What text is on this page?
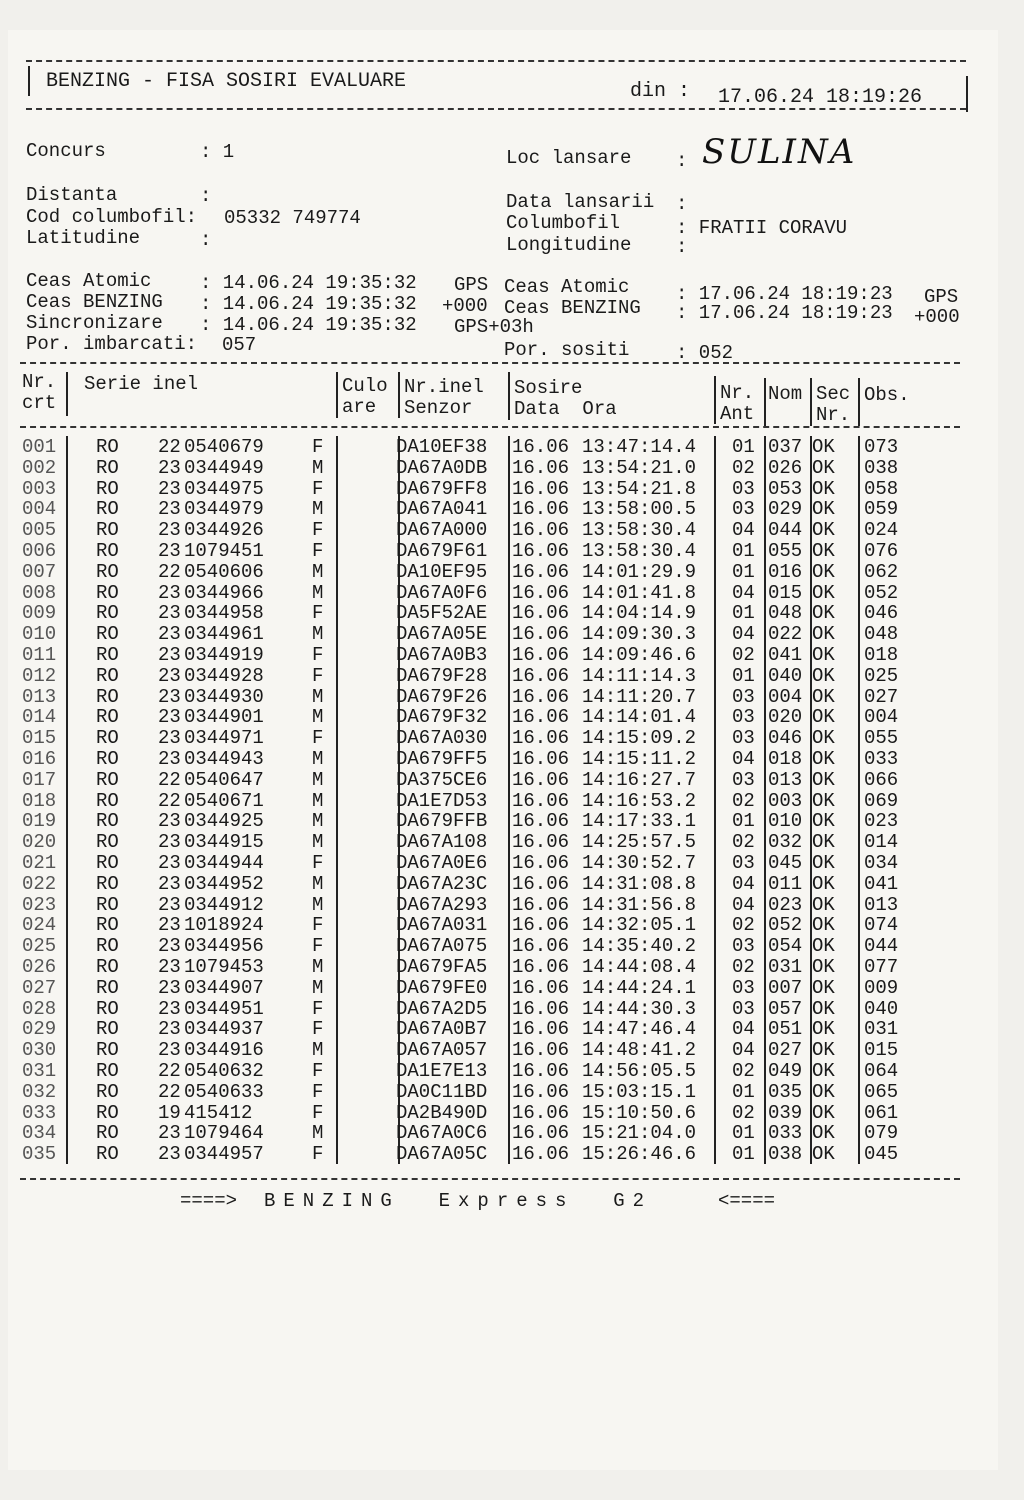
BENZING - FISA SOSIRI EVALUARE	din : 17.06.24 18:19:26
Concurs	: 1	Loc lansare : SULINA
Distanta	:
Cod columbofil: 05332 749774
Latitudine	:
Data lansarii :
Columbofil	: FRATII CORAVU
Longitudine :
Ceas Atomic	: 14.06.24 19:35:32 GPS
Ceas BENZING : 14.06.24 19:35:32 +000
Sincronizare : 14.06.24 19:35:32 GPS+03h
Ceas Atomic : 17.06.24 18:19:23 GPS
Ceas BENZING : 17.06.24 18:19:23 +000
Por. imbarcati: 057	Por. sositi : 052
Nr.
crt
Serie inel	Culo
are
Nr.inel
Senzor
Sosire
Data  Ora
Nr.
Ant
Nom Sec
Nr.
Obs.
001 RO 22 0540679	F	DA10EF38 16.06 13:47:14.4 01 037 OK 073
002 RO 23 0344949	M	DA67A0DB 16.06 13:54:21.0 02 026 OK 038
003 RO 23 0344975	F	DA679FF8 16.06 13:54:21.8 03 053 OK 058
004 RO 23 0344979	M	DA67A041 16.06 13:58:00.5 03 029 OK 059
005 RO 23 0344926	F	DA67A000 16.06 13:58:30.4 04 044 OK 024
006 RO 23 1079451	F	DA679F61 16.06 13:58:30.4 01 055 OK 076
007 RO 22 0540606	M	DA10EF95 16.06 14:01:29.9 01 016 OK 062
008 RO 23 0344966	M	DA67A0F6 16.06 14:01:41.8 04 015 OK 052
009 RO 23 0344958	F	DA5F52AE 16.06 14:04:14.9 01 048 OK 046
010 RO 23 0344961	M	DA67A05E 16.06 14:09:30.3 04 022 OK 048
011 RO 23 0344919	F	DA67A0B3 16.06 14:09:46.6 02 041 OK 018
012 RO 23 0344928	F	DA679F28 16.06 14:11:14.3 01 040 OK 025
013 RO 23 0344930	M	DA679F26 16.06 14:11:20.7 03 004 OK 027
014 RO 23 0344901	M	DA679F32 16.06 14:14:01.4 03 020 OK 004
015 RO 23 0344971	F	DA67A030 16.06 14:15:09.2 03 046 OK 055
016 RO 23 0344943	M	DA679FF5 16.06 14:15:11.2 04 018 OK 033
017 RO 22 0540647	M	DA375CE6 16.06 14:16:27.7 03 013 OK 066
018 RO 22 0540671	M	DA1E7D53 16.06 14:16:53.2 02 003 OK 069
019 RO 23 0344925	M	DA679FFB 16.06 14:17:33.1 01 010 OK 023
020 RO 23 0344915	M	DA67A108 16.06 14:25:57.5 02 032 OK 014
021 RO 23 0344944	F	DA67A0E6 16.06 14:30:52.7 03 045 OK 034
022 RO 23 0344952	M	DA67A23C 16.06 14:31:08.8 04 011 OK 041
023 RO 23 0344912	M	DA67A293 16.06 14:31:56.8 04 023 OK 013
024 RO 23 1018924	F	DA67A031 16.06 14:32:05.1 02 052 OK 074
025 RO 23 0344956	F	DA67A075 16.06 14:35:40.2 03 054 OK 044
026 RO 23 1079453	M	DA679FA5 16.06 14:44:08.4 02 031 OK 077
027 RO 23 0344907	M	DA679FE0 16.06 14:44:24.1 03 007 OK 009
028 RO 23 0344951	F	DA67A2D5 16.06 14:44:30.3 03 057 OK 040
029 RO 23 0344937	F	DA67A0B7 16.06 14:47:46.4 04 051 OK 031
030 RO 23 0344916	M	DA67A057 16.06 14:48:41.2 04 027 OK 015
031 RO 22 0540632	F	DA1E7E13 16.06 14:56:05.5 02 049 OK 064
032 RO 22 0540633	F	DA0C11BD 16.06 15:03:15.1 01 035 OK 065
033 RO 19 415412	F	DA2B490D 16.06 15:10:50.6 02 039 OK 061
034 RO 23 1079464	M	DA67A0C6 16.06 15:21:04.0 01 033 OK 079
035 RO 23 0344957	F	DA67A05C 16.06 15:26:46.6 01 038 OK 045
====> BENZING  Express  G2	<====
